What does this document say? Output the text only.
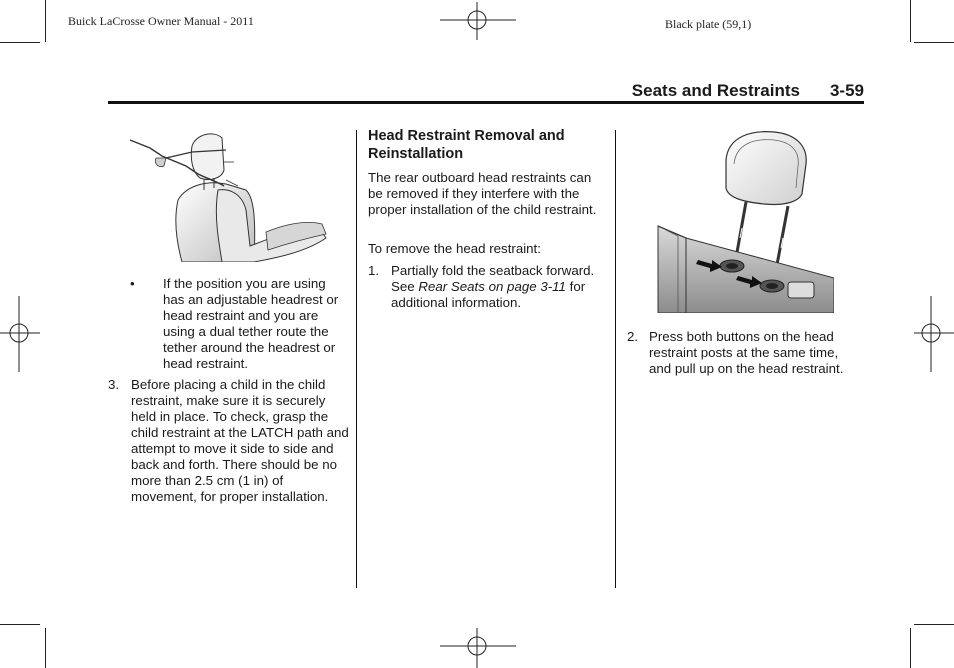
Buick LaCrosse Owner Manual - 2011	Black plate (59,1)
Seats and Restraints 3-59
• If the position you are using has an adjustable headrest or head restraint and you are using a dual tether route the tether around the headrest or head restraint.
3. Before placing a child in the child restraint, make sure it is securely held in place. To check, grasp the child restraint at the LATCH path and attempt to move it side to side and back and forth. There should be no more than 2.5 cm (1 in) of movement, for proper installation.
Head Restraint Removal and Reinstallation
The rear outboard head restraints can be removed if they interfere with the proper installation of the child restraint.
To remove the head restraint:
1. Partially fold the seatback forward. See Rear Seats on page 3-11 for additional information.
2. Press both buttons on the head restraint posts at the same time, and pull up on the head restraint.
